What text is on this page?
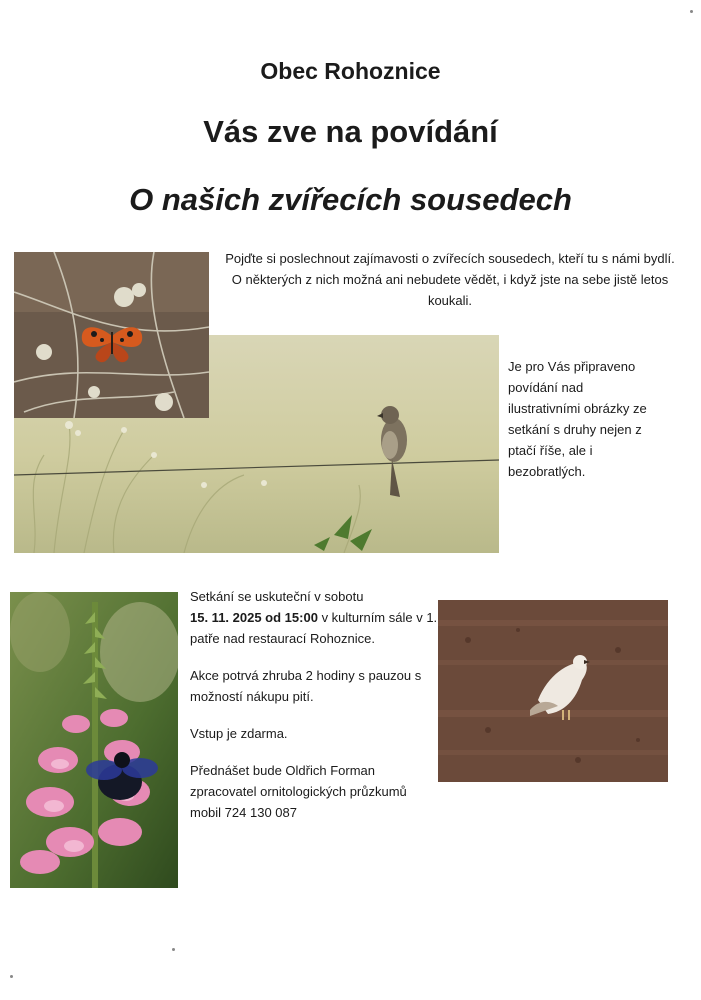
Obec Rohoznice
Vás zve na povídání
O našich zvířecích sousedech
Pojďte si poslechnout zajímavosti o zvířecích sousedech, kteří tu s námi bydlí. O některých z nich možná ani nebudete vědět, i když jste na sebe jistě letos koukali.
Je pro Vás připraveno povídání nad ilustrativními obrázky ze setkání s druhy nejen z ptačí říše, ale i bezobratlých.

Setkání se uskuteční v sobotu
15. 11. 2025 od 15:00 v kulturním sále v 1. patře nad restaurací Rohoznice.

Akce potrvá zhruba 2 hodiny s pauzou s možností nákupu pití.

Vstup je zdarma.

Přednášet bude Oldřich Forman
zpracovatel ornitologických průzkumů
mobil 724 130 087
